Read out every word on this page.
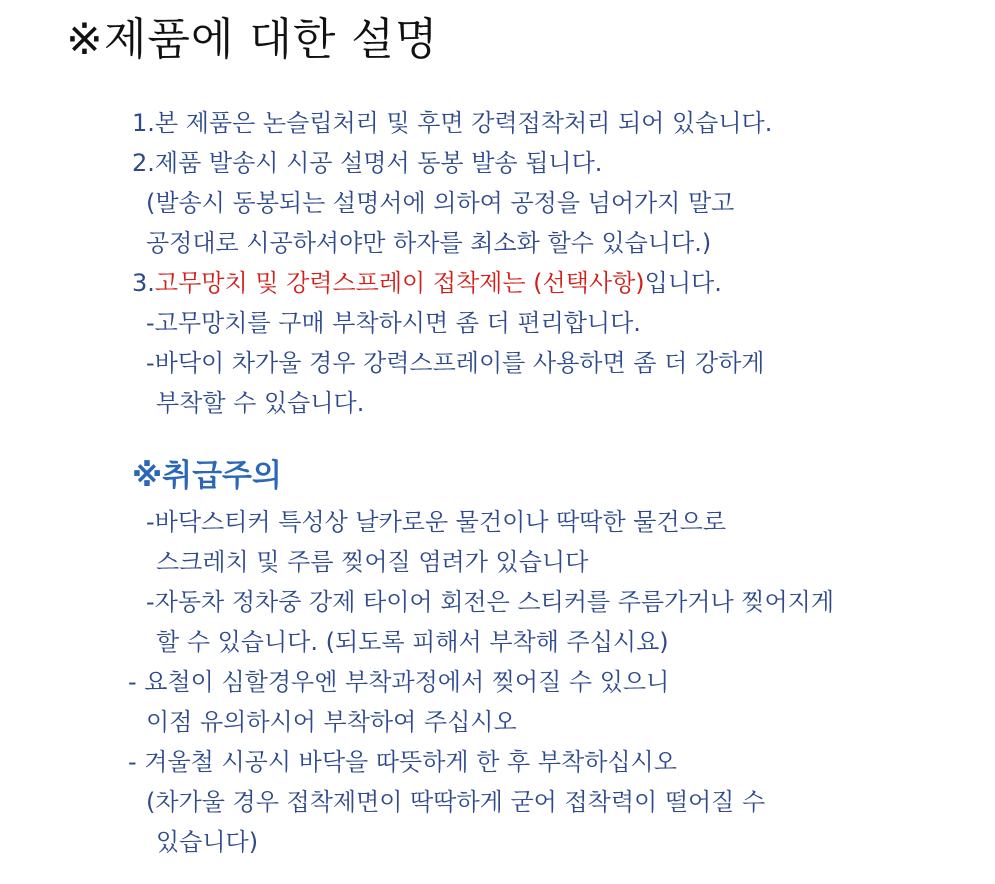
※제품에 대한 설명
1.본 제품은 논슬립처리 및 후면 강력접착처리 되어 있습니다.
2.제품 발송시 시공 설명서 동봉 발송 됩니다.
(발송시 동봉되는 설명서에 의하여 공정을 넘어가지 말고
공정대로 시공하셔야만 하자를 최소화 할수 있습니다.)
3.고무망치 및 강력스프레이 접착제는 (선택사항)입니다.
-고무망치를 구매 부착하시면 좀 더 편리합니다.
-바닥이 차가울 경우 강력스프레이를 사용하면 좀 더 강하게
부착할 수 있습니다.
※취급주의
-바닥스티커 특성상 날카로운 물건이나 딱딱한 물건으로
스크레치 및 주름 찢어질 염려가 있습니다
-자동차 정차중 강제 타이어 회전은 스티커를 주름가거나 찢어지게
할 수 있습니다. (되도록 피해서 부착해 주십시요)
- 요철이 심할경우엔 부착과정에서 찢어질 수 있으니
이점 유의하시어 부착하여 주십시오
- 겨울철 시공시 바닥을 따뜻하게 한 후 부착하십시오
(차가울 경우 접착제면이 딱딱하게 굳어 접착력이 떨어질 수
있습니다)
